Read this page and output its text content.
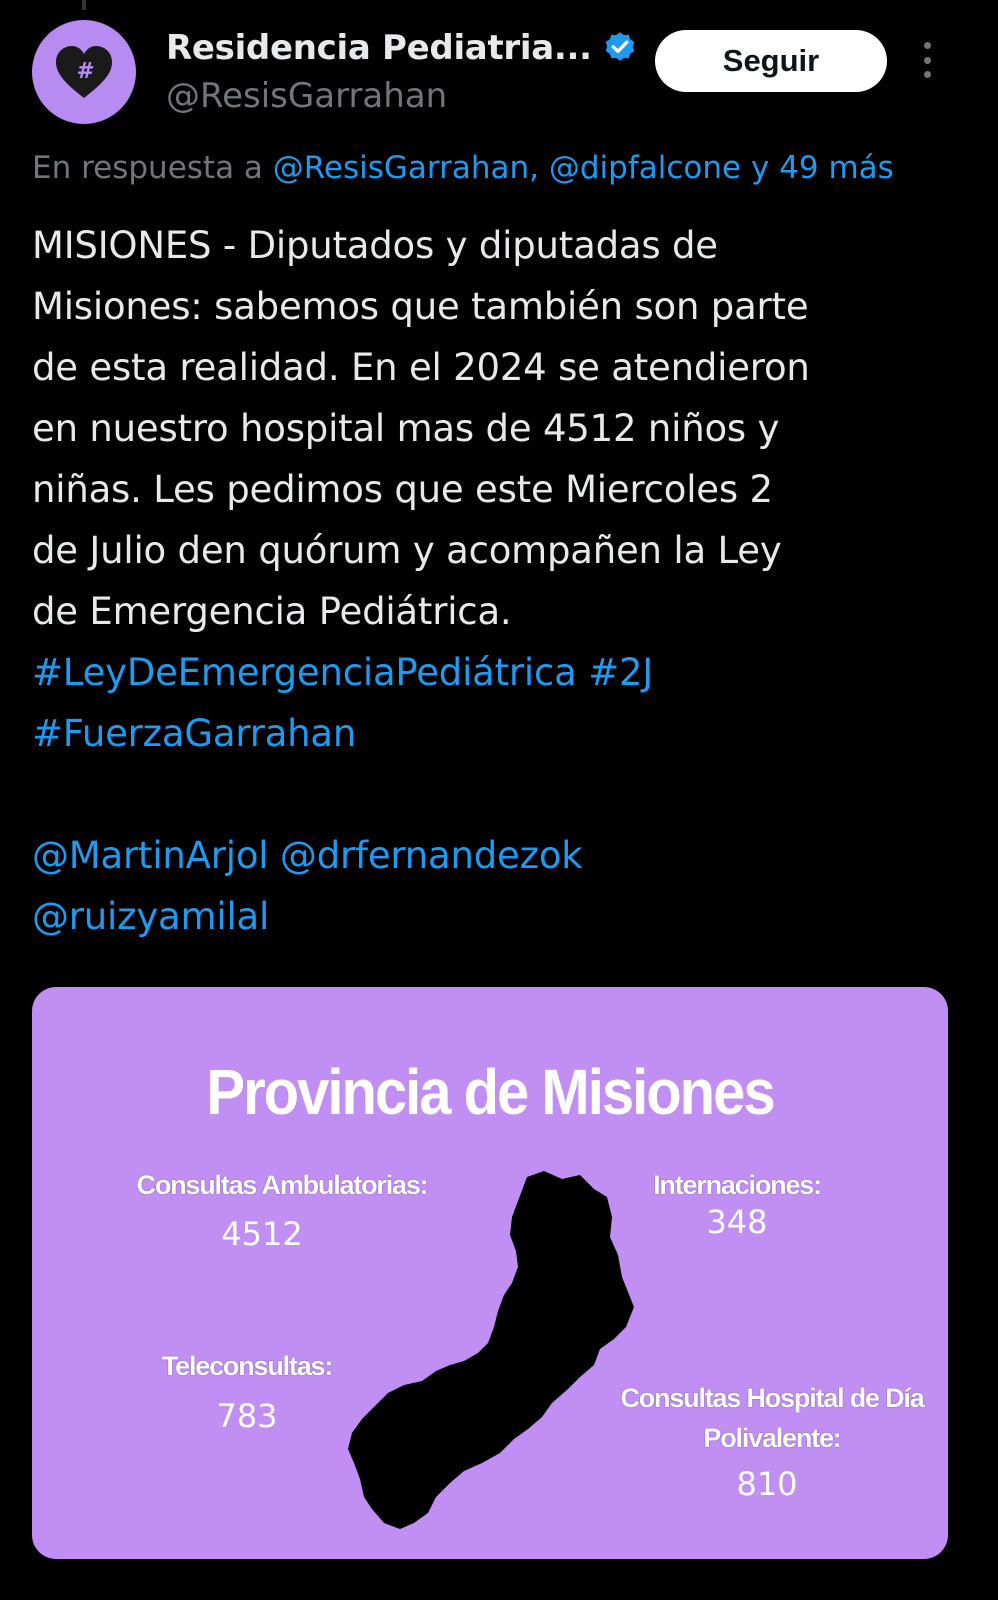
#
Residencia Pediatria...
@ResisGarrahan
Seguir
En respuesta a @ResisGarrahan, @dipfalcone y 49 más
MISIONES - Diputados y diputadas de
Misiones: sabemos que también son parte
de esta realidad. En el 2024 se atendieron
en nuestro hospital mas de 4512 niños y
niñas. Les pedimos que este Miercoles 2
de Julio den quórum y acompañen la Ley
de Emergencia Pediátrica.
#LeyDeEmergenciaPediátrica #2J
#FuerzaGarrahan
@MartinArjol @drfernandezok
@ruizyamilal
Provincia de Misiones
Consultas Ambulatorias:
4512
Internaciones:
348
Teleconsultas:
783	Consultas Hospital de Día
Polivalente:
810
